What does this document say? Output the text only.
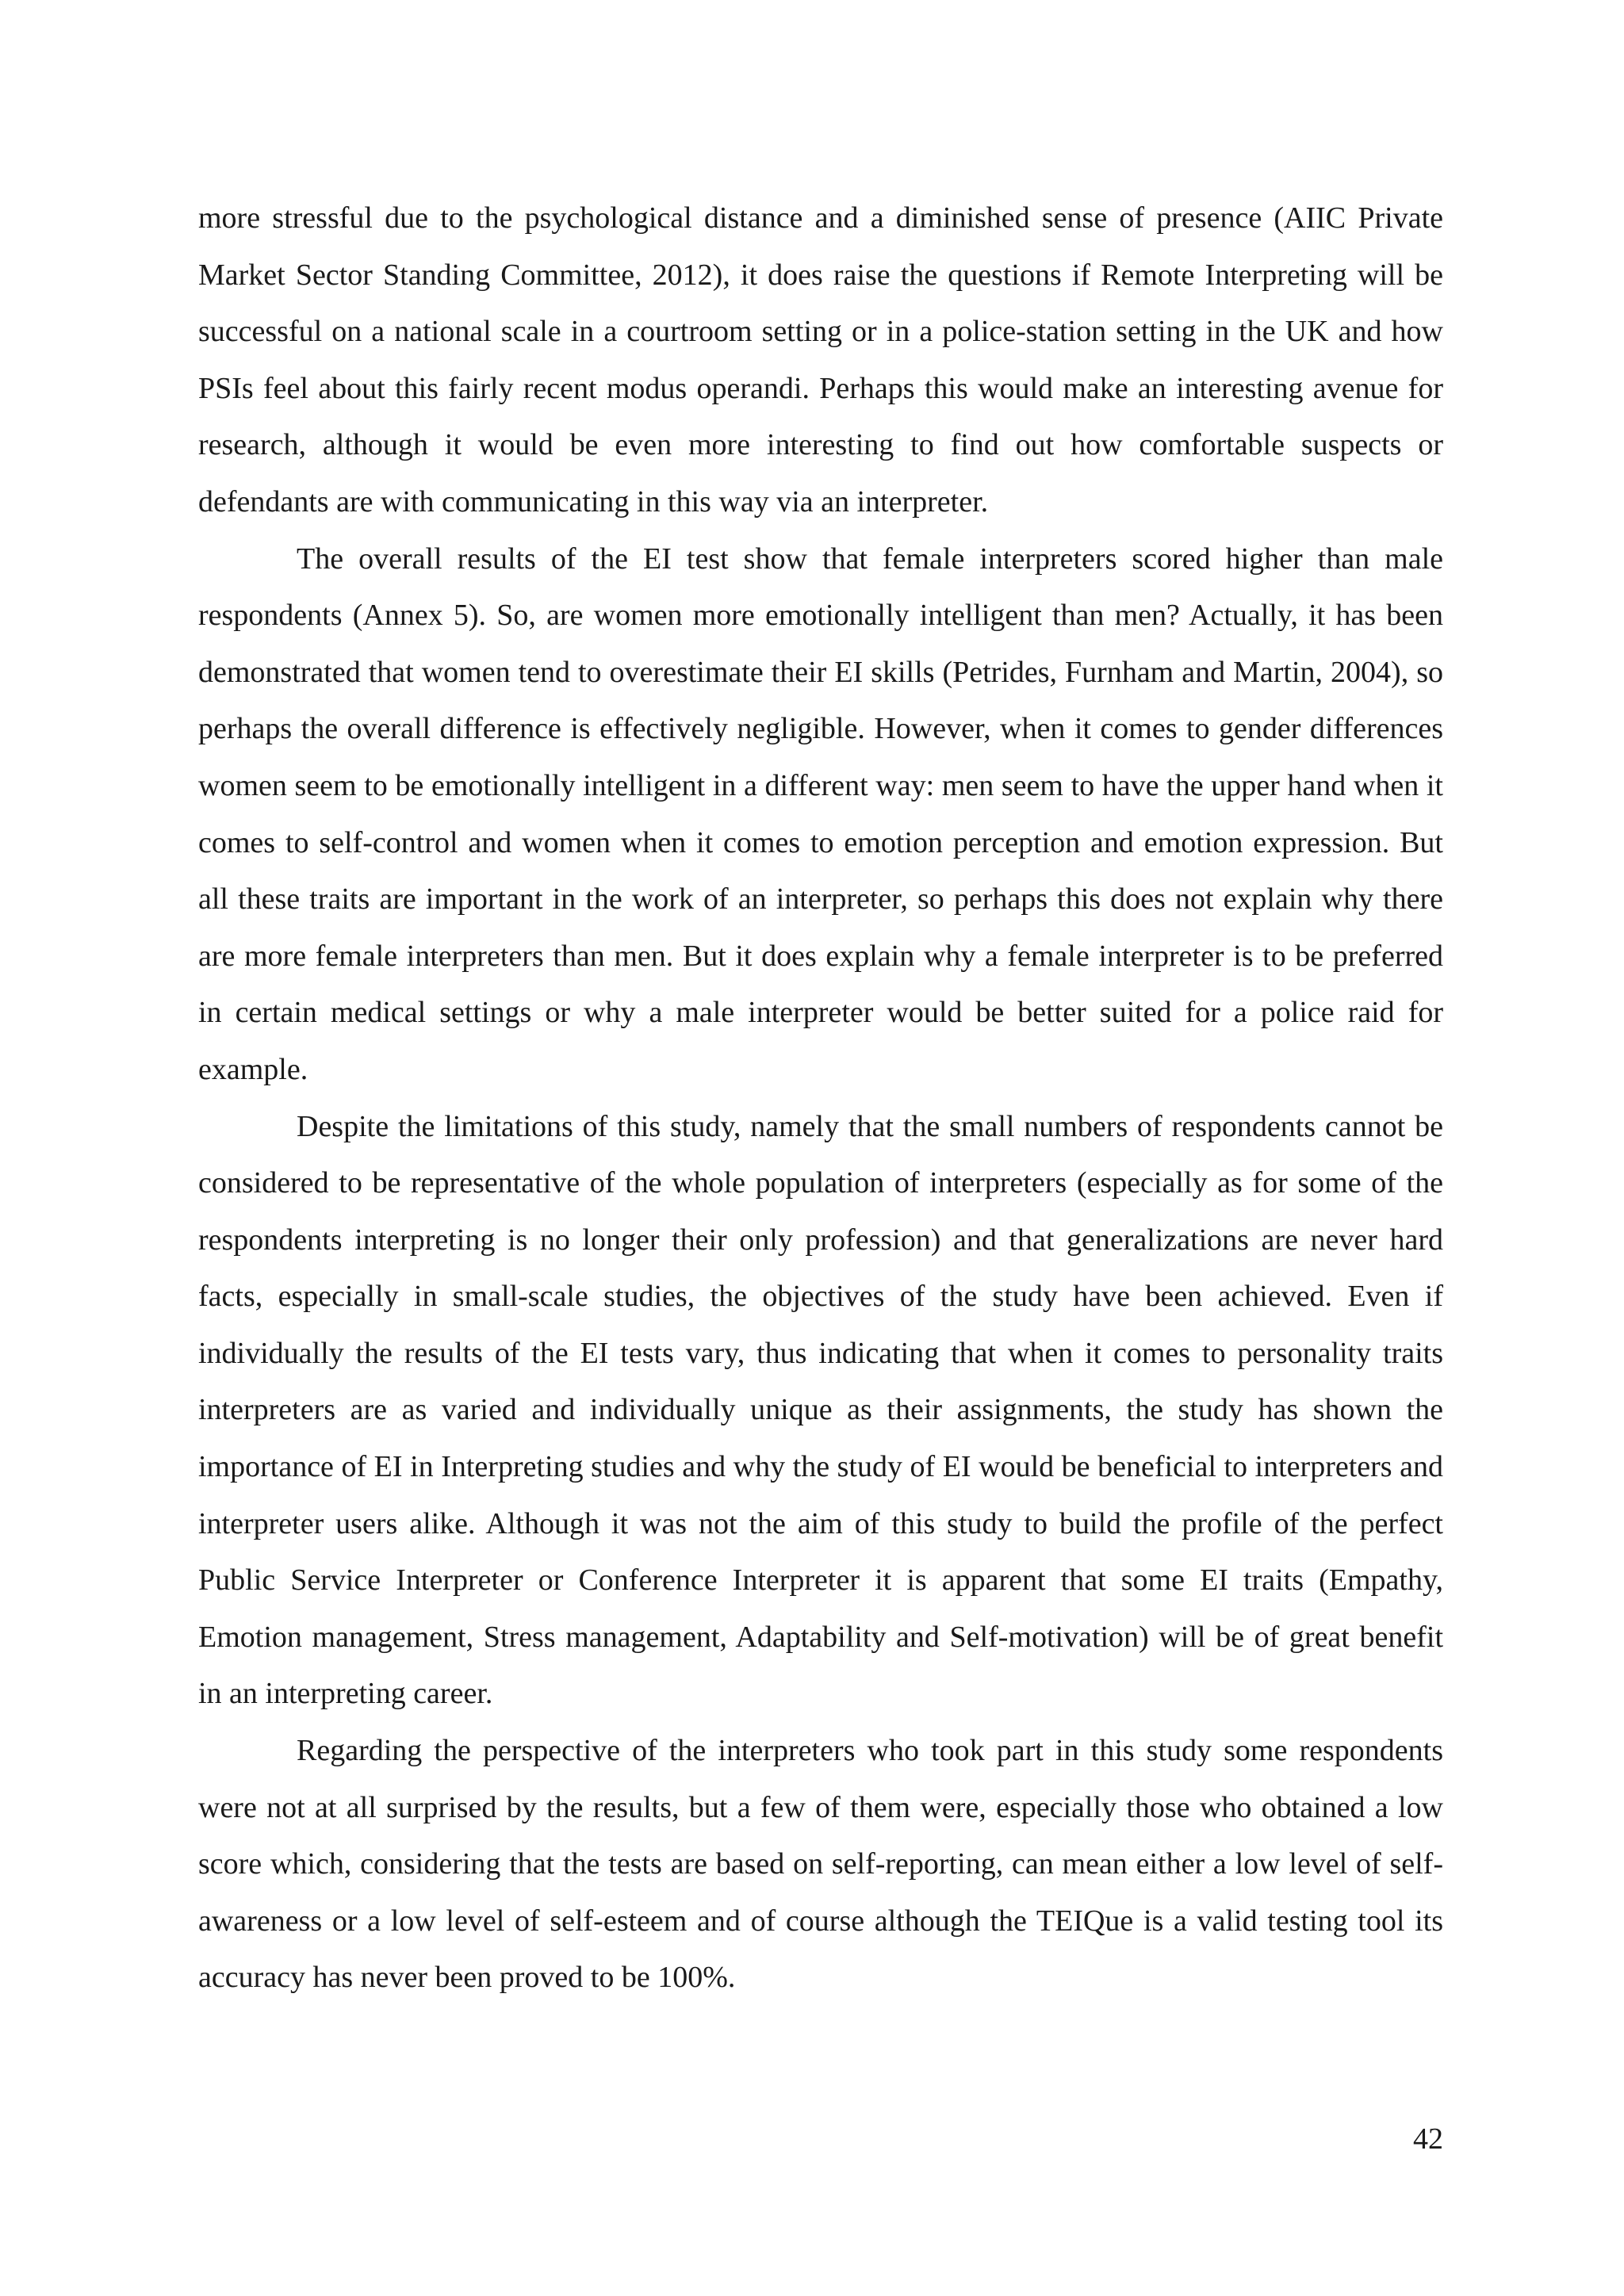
more stressful due to the psychological distance and a diminished sense of presence (AIIC Private Market Sector Standing Committee, 2012), it does raise the questions if Remote Interpreting will be successful on a national scale in a courtroom setting or in a police-station setting in the UK and how PSIs feel about this fairly recent modus operandi. Perhaps this would make an interesting avenue for research, although it would be even more interesting to find out how comfortable suspects or defendants are with communicating in this way via an interpreter.

The overall results of the EI test show that female interpreters scored higher than male respondents (Annex 5). So, are women more emotionally intelligent than men? Actually, it has been demonstrated that women tend to overestimate their EI skills (Petrides, Furnham and Martin, 2004), so perhaps the overall difference is effectively negligible. However, when it comes to gender differences women seem to be emotionally intelligent in a different way: men seem to have the upper hand when it comes to self-control and women when it comes to emotion perception and emotion expression. But all these traits are important in the work of an interpreter, so perhaps this does not explain why there are more female interpreters than men. But it does explain why a female interpreter is to be preferred in certain medical settings or why a male interpreter would be better suited for a police raid for example.

Despite the limitations of this study, namely that the small numbers of respondents cannot be considered to be representative of the whole population of interpreters (especially as for some of the respondents interpreting is no longer their only profession) and that generalizations are never hard facts, especially in small-scale studies, the objectives of the study have been achieved. Even if individually the results of the EI tests vary, thus indicating that when it comes to personality traits interpreters are as varied and individually unique as their assignments, the study has shown the importance of EI in Interpreting studies and why the study of EI would be beneficial to interpreters and interpreter users alike. Although it was not the aim of this study to build the profile of the perfect Public Service Interpreter or Conference Interpreter it is apparent that some EI traits (Empathy, Emotion management, Stress management, Adaptability and Self-motivation) will be of great benefit in an interpreting career.

Regarding the perspective of the interpreters who took part in this study some respondents were not at all surprised by the results, but a few of them were, especially those who obtained a low score which, considering that the tests are based on self-reporting, can mean either a low level of self-awareness or a low level of self-esteem and of course although the TEIQue is a valid testing tool its accuracy has never been proved to be 100%.

42
